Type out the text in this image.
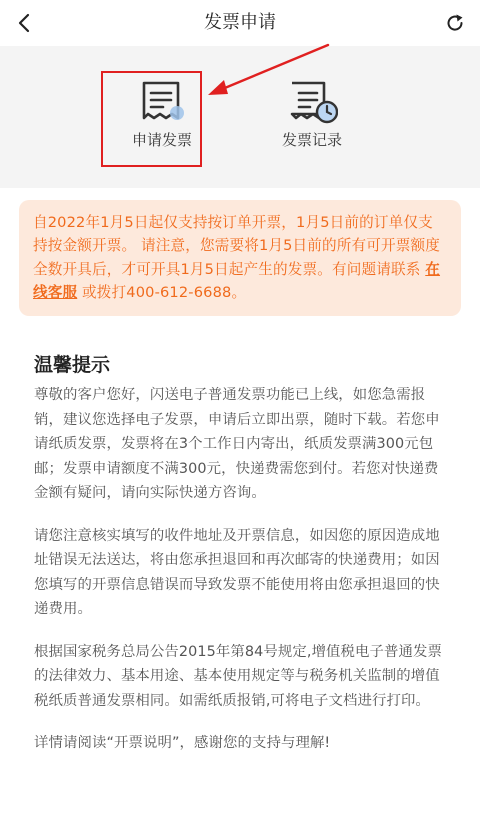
发票申请
申请发票	发票记录
自2022年1月5日起仅支持按订单开票，1月5日前的订单仅支持按金额开票。 请注意，您需要将1月5日前的所有可开票额度全数开具后，才可开具1月5日起产生的发票。有问题请联系 在线客服 或拨打400-612-6688。
温馨提示

尊敬的客户您好，闪送电子普通发票功能已上线，如您急需报销，建议您选择电子发票，申请后立即出票，随时下载。若您申请纸质发票，发票将在3个工作日内寄出，纸质发票满300元包邮；发票申请额度不满300元，快递费需您到付。若您对快递费金额有疑问，请向实际快递方咨询。

请您注意核实填写的收件地址及开票信息，如因您的原因造成地址错误无法送达，将由您承担退回和再次邮寄的快递费用；如因您填写的开票信息错误而导致发票不能使用将由您承担退回的快递费用。

根据国家税务总局公告2015年第84号规定,增值税电子普通发票的法律效力、基本用途、基本使用规定等与税务机关监制的增值税纸质普通发票相同。如需纸质报销,可将电子文档进行打印。

详情请阅读“开票说明”，感谢您的支持与理解!
